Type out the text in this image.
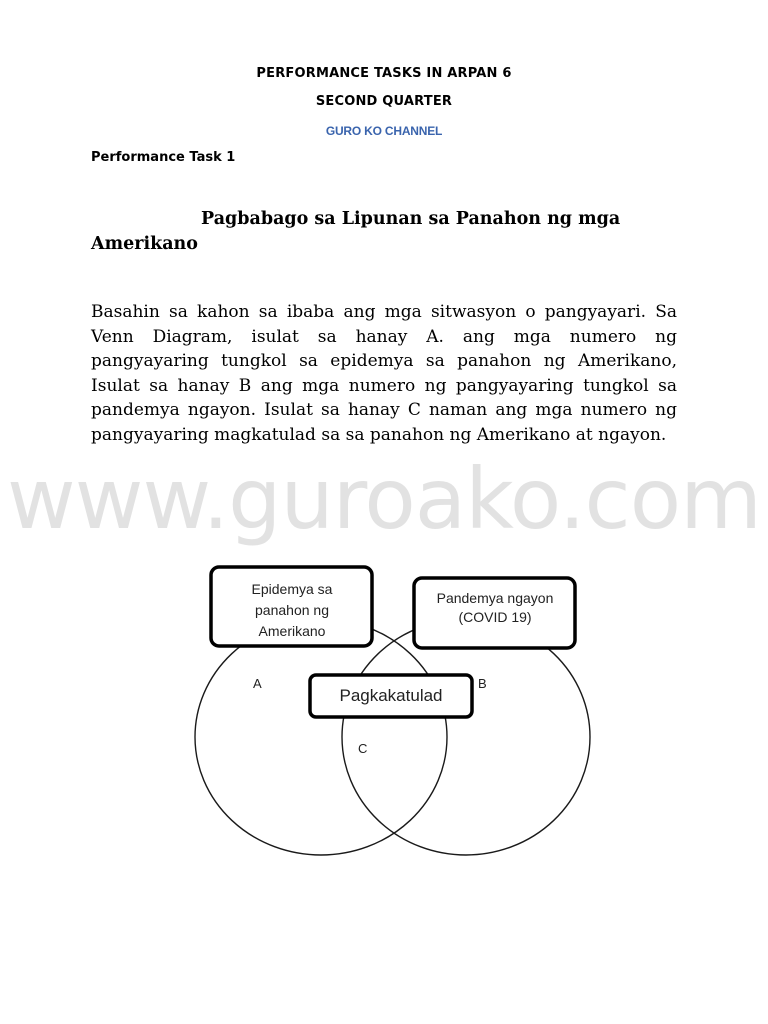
PERFORMANCE TASKS IN ARPAN 6
SECOND QUARTER
GURO KO CHANNEL
Performance Task 1
Pagbabago sa Lipunan sa Panahon ng mga Amerikano
Basahin sa kahon sa ibaba ang mga sitwasyon o pangyayari. Sa Venn Diagram, isulat sa hanay A. ang mga numero ng pangyayaring tungkol sa epidemya sa panahon ng Amerikano, Isulat sa hanay B ang mga numero ng pangyayaring tungkol sa pandemya ngayon. Isulat sa hanay C naman ang mga numero ng pangyayaring magkatulad sa sa panahon ng Amerikano at ngayon.
www.guroako.com
Epidemya sa
panahon ng
Amerikano
Pandemya ngayon
(COVID 19)
Pagkakatulad
A	B
C
